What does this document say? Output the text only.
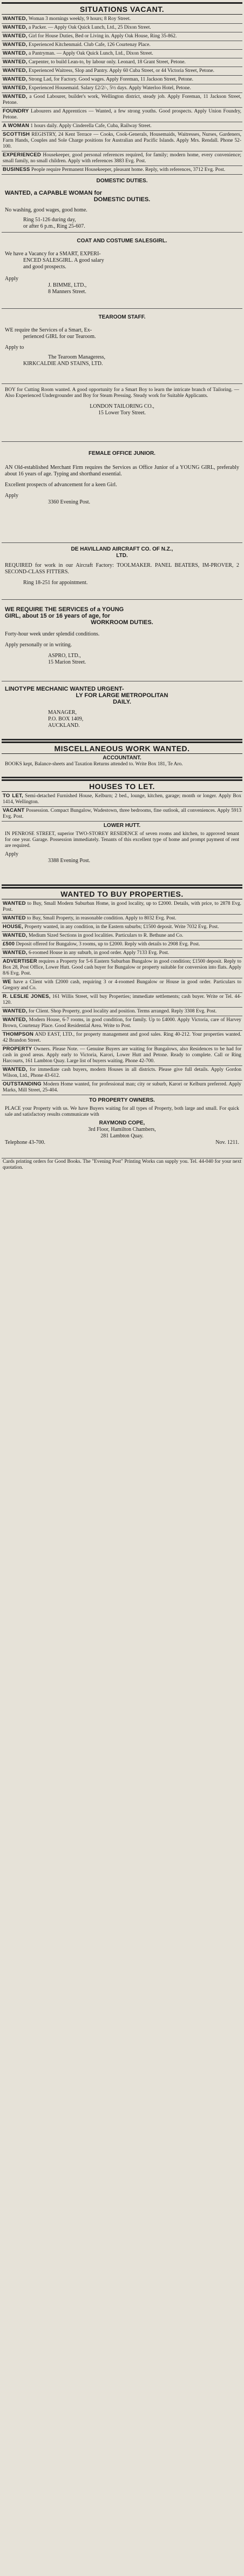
SITUATIONS VACANT.
WANTED, Woman 3 mornings weekly, 9 hours; 8 Roy Street.
WANTED, a Packer. — Apply Oak Quick Lunch, Ltd., 25 Dixon Street.
WANTED, Girl for House Duties, Bed or Living in. Apply Oak House, Ring 35-862.
WANTED, Experienced Kitchenmaid. Club Cafe, 126 Courtenay Place.
WANTED, a Pantryman. — Apply Oak Quick Lunch, Ltd., Dixon Street.
WANTED, Carpenter, to build Lean-to, by labour only. Leonard, 18 Grant Street, Petone.
WANTED, Experienced Waitress, Slop and Pantry. Apply 60 Cuba Street, or 44 Victoria Street, Petone.
WANTED, Strong Lad, for Factory. Good wages. Apply Foreman, 11 Jackson Street, Petone.
WANTED, Experienced Housemaid. Salary £2/2/-, 5½ days. Apply Waterloo Hotel, Petone.
WANTED, a Good Labourer, builder's work, Wellington district, steady job. Apply Foreman, 11 Jackson Street, Petone.
FOUNDRY Labourers and Apprentices — Wanted, a few strong youths. Good prospects. Apply Union Foundry, Petone.
A WOMAN 1 hours daily. Apply Cinderella Cafe, Cuba, Railway Street.
SCOTTISH REGISTRY, 24 Kent Terrace — Cooks, Cook-Generals, Housemaids, Waitresses, Nurses, Gardeners, Farm Hands, Couples and Sole Charge positions for Australian and Pacific Islands. Apply Mrs. Rendall. Phone 52-100.
EXPERIENCED Housekeeper, good personal references required, for family; modern home, every convenience; small family, no small children. Apply with references 3883 Evg. Post.
BUSINESS People require Permanent Housekeeper, pleasant home. Reply, with references, 3712 Evg. Post.
DOMESTIC DUTIES.
WANTED, a CAPABLE WOMAN for
DOMESTIC DUTIES.
No washing, good wages, good home.
Ring 51-126 during day,
or after 6 p.m., Ring 25-607.
COAT AND COSTUME SALESGIRL.
We have a Vacancy for a SMART, EXPERI-
ENCED SALESGIRL. A good salary
and good prospects.
Apply
J. BIMME, LTD.,
8 Manners Street.
TEAROOM STAFF.
WE require the Services of a Smart, Ex-
perienced GIRL for our Tearoom.
Apply to
The Tearoom Manageress,
KIRKCALDIE AND STAINS, LTD.
BOY for Cutting Room wanted. A good opportunity for a Smart Boy to learn the intricate branch of Tailoring. — Also Experienced Undergrounder and Boy for Steam Pressing. Steady work for Suitable Applicants.
LONDON TAILORING CO.,
15 Lower Tory Street.
FEMALE OFFICE JUNIOR.
AN Old-established Merchant Firm requires the Services as Office Junior of a YOUNG GIRL, preferably about 16 years of age. Typing and shorthand essential.
Excellent prospects of advancement for a keen Girl.
Apply
3360 Evening Post.
DE HAVILLAND AIRCRAFT CO. OF N.Z.,
LTD.
REQUIRED for work in our Aircraft Factory: TOOLMAKER. PANEL BEATERS, IM-PROVER, 2 SECOND-CLASS FITTERS.
Ring 18-251 for appointment.
WE REQUIRE THE SERVICES of a YOUNG
GIRL, about 15 or 16 years of age, for
WORKROOM DUTIES.
Forty-hour week under splendid conditions.
Apply personally or in writing.
ASPRO, LTD.,
15 Marion Street.
LINOTYPE MECHANIC WANTED URGENT-
LY FOR LARGE METROPOLITAN
DAILY.
MANAGER,
P.O. BOX 1409,
AUCKLAND.
MISCELLANEOUS WORK WANTED.
ACCOUNTANT.
BOOKS kept, Balance-sheets and Taxation Returns attended to. Write Box 181, Te Aro.
HOUSES TO LET.
TO LET, Semi-detached Furnished House, Kelburn; 2 bed., lounge, kitchen, garage; month or longer. Apply Box 1414, Wellington.
VACANT Possession. Compact Bungalow, Wadestown, three bedrooms, fine outlook, all conveniences. Apply 5913 Evg. Post.
LOWER HUTT.
IN PENROSE STREET, superior TWO-STOREY RESIDENCE of seven rooms and kitchen, to approved tenant for one year. Garage. Possession immediately. Tenants of this excellent type of home and prompt payment of rent are required.
Apply
3388 Evening Post.
WANTED TO BUY PROPERTIES.
WANTED to Buy, Small Modern Suburban Home, in good locality, up to £2000. Details, with price, to 2878 Evg. Post.
WANTED to Buy, Small Property, in reasonable condition. Apply to 8032 Evg. Post.
HOUSE, Property wanted, in any condition, in the Eastern suburbs; £1500 deposit. Write 7032 Evg. Post.
WANTED, Medium Sized Sections in good localities. Particulars to R. Bethune and Co.
£500 Deposit offered for Bungalow, 3 rooms, up to £2000. Reply with details to 2908 Evg. Post.
WANTED, 6-roomed House in any suburb, in good order. Apply 7133 Evg. Post.
ADVERTISER requires a Property for 5-6 Eastern Suburban Bungalow in good condition; £1500 deposit. Reply to Box 28, Post Office, Lower Hutt. Good cash buyer for Bungalow or property suitable for conversion into flats. Apply 8/6 Evg. Post.
WE have a Client with £2000 cash, requiring 3 or 4-roomed Bungalow or House in good order. Particulars to Gregory and Co.
R. LESLIE JONES, 161 Willis Street, will buy Properties; immediate settlements; cash buyer. Write or Tel. 44-120.
WANTED, for Client. Shop Property, good locality and position. Terms arranged. Reply 3308 Evg. Post.
WANTED, Modern House, 6-7 rooms, in good condition, for family. Up to £4000. Apply Victoria, care of Harvey Brown, Courtenay Place. Good Residential Area. Write to Post.
THOMPSON AND EAST, LTD., for property management and good sales. Ring 40-212. Your properties wanted. 42 Brandon Street.
PROPERTY Owners. Please Note. — Genuine Buyers are waiting for Bungalows, also Residences to be had for cash in good areas. Apply early to Victoria, Karori, Lower Hutt and Petone. Ready to complete. Call or Ring Harcourts, 161 Lambton Quay. Large list of buyers waiting. Phone 42-700.
WANTED, for immediate cash buyers, modern Houses in all districts. Please give full details. Apply Gordon Wilson, Ltd., Phone 43-612.
OUTSTANDING Modern Home wanted, for professional man; city or suburb, Karori or Kelburn preferred. Apply Marks, Mill Street, 25-404.
TO PROPERTY OWNERS.
PLACE your Property with us. We have Buyers waiting for all types of Property, both large and small. For quick sale and satisfactory results communicate with
RAYMOND COPE,
3rd Floor, Hamilton Chambers,
281 Lambton Quay.
Telephone 43-700.	Nov. 1211.
Cards printing orders for Good Books. The "Evening Post" Printing Works can supply you. Tel. 44-040 for your next quotation.
